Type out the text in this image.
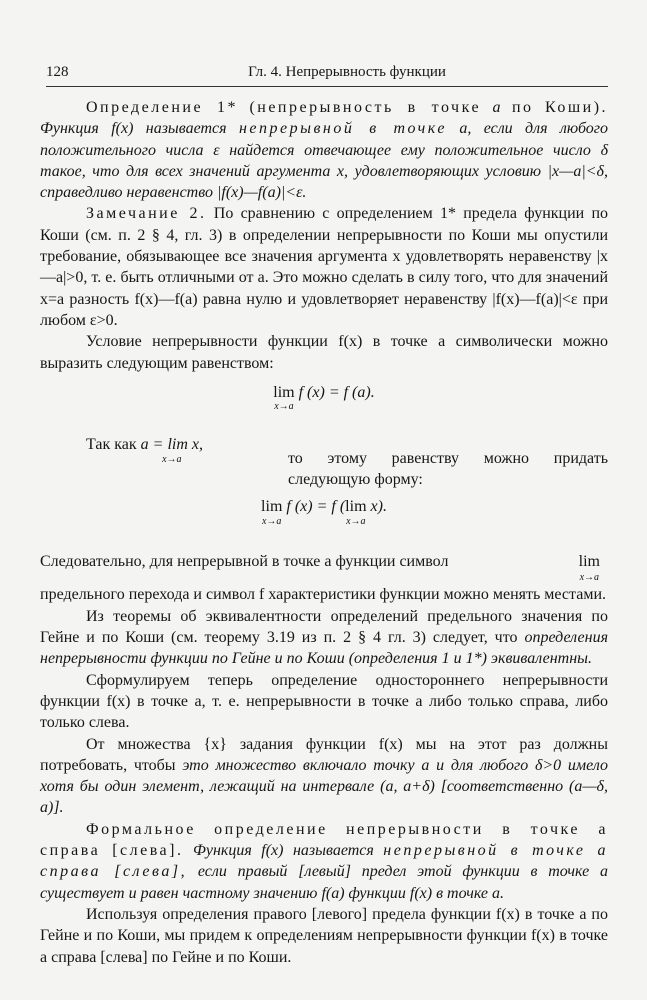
128	Гл. 4. Непрерывность функции

Определение 1* (непрерывность в точке a по Коши). Функция f(x) называется непрерывной в точке a, если для любого положительного числа ε найдется отвечающее ему положительное число δ такое, что для всех значений аргумента x, удовлетворяющих условию |x—a|<δ, справедливо неравенство |f(x)—f(a)|<ε.

Замечание 2. По сравнению с определением 1* предела функции по Коши (см. п. 2 § 4, гл. 3) в определении непрерывности по Коши мы опустили требование, обязывающее все значения аргумента x удовлетворять неравенству |x—a|>0, т. е. быть отличными от a. Это можно сделать в силу того, что для значений x=a разность f(x)—f(a) равна нулю и удовлетворяет неравенству |f(x)—f(a)|<ε при любом ε>0.

Условие непрерывности функции f(x) в точке a символически можно выразить следующим равенством:

lim
x→a
f (x) = f (a).
Так как a = lim x,
x→a	то этому равенству можно придать следующую форму:

lim
x→a
f (x) = f (lim
x→a
x).
Следовательно, для непрерывной в точке a функции символ	lim
x→a

предельного перехода и символ f характеристики функции можно менять местами.

Из теоремы об эквивалентности определений предельного значения по Гейне и по Коши (см. теорему 3.19 из п. 2 § 4 гл. 3) следует, что определения непрерывности функции по Гейне и по Коши (определения 1 и 1*) эквивалентны.

Сформулируем теперь определение одностороннего непрерывности функции f(x) в точке a, т. е. непрерывности в точке a либо только справа, либо только слева.

От множества {x} задания функции f(x) мы на этот раз должны потребовать, чтобы это множество включало точку a и для любого δ>0 имело хотя бы один элемент, лежащий на интервале (a, a+δ) [соответственно (a—δ, a)].

Формальное определение непрерывности в точке a справа [слева]. Функция f(x) называется непрерывной в точке a справа [слева], если правый [левый] предел этой функции в точке a существует и равен частному значению f(a) функции f(x) в точке a.

Используя определения правого [левого] предела функции f(x) в точке a по Гейне и по Коши, мы придем к определениям непрерывности функции f(x) в точке a справа [слева] по Гейне и по Коши.
